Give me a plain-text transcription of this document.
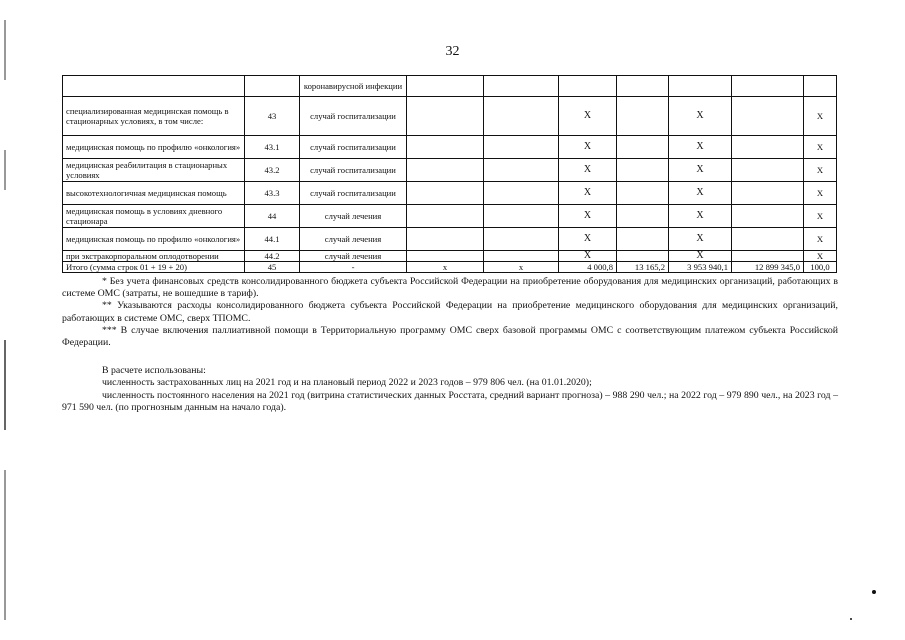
32
		коронавирусной инфекции							
специализированная медицинская помощь в стационарных условиях, в том числе:	43	случай госпитализации			X		X		X
медицинская помощь по профилю «онкология»	43.1	случай госпитализации			X		X		X
медицинская реабилитация в стационарных условиях	43.2	случай госпитализации			X		X		X
высокотехнологичная медицинская помощь	43.3	случай госпитализации			X		X		X
медицинская помощь в условиях дневного стационара	44	случай лечения			X		X		X
медицинская помощь по профилю «онкология»	44.1	случай лечения			X		X		X
при экстракорпоральном оплодотворении	44.2	случай лечения			X		X		X
Итого (сумма строк 01 + 19 + 20)	45	-	x	x	4 000,8	13 165,2	3 953 940,1	12 899 345,0	100,0

* Без учета финансовых средств консолидированного бюджета субъекта Российской Федерации на приобретение оборудования для медицинских организаций, работающих в системе ОМС (затраты, не вошедшие в тариф).

** Указываются расходы консолидированного бюджета субъекта Российской Федерации на приобретение медицинского оборудования для медицинских организаций, работающих в системе ОМС, сверх ТПОМС.

*** В случае включения паллиативной помощи в Территориальную программу ОМС сверх базовой программы ОМС с соответствующим платежом субъекта Российской Федерации.

В расчете использованы:

численность застрахованных лиц на 2021 год и на плановый период 2022 и 2023 годов – 979 806 чел. (на 01.01.2020);

численность постоянного населения на 2021 год (витрина статистических данных Росстата, средний вариант прогноза) – 988 290 чел.; на 2022 год – 979 890 чел., на 2023 год – 971 590 чел. (по прогнозным данным на начало года).
